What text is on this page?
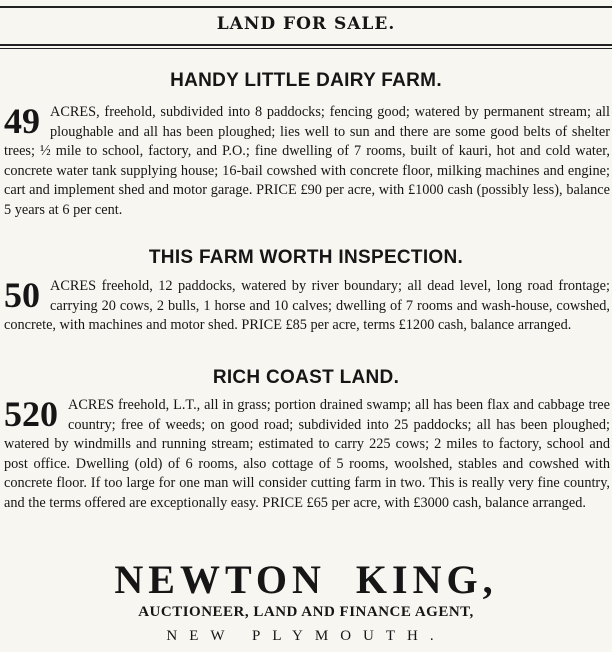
LAND FOR SALE.
HANDY LITTLE DAIRY FARM.
49 ACRES, freehold, subdivided into 8 paddocks; fencing good; watered by permanent stream; all ploughable and all has been ploughed; lies well to sun and there are some good belts of shelter trees; ½ mile to school, factory, and P.O.; fine dwelling of 7 rooms, built of kauri, hot and cold water, concrete water tank supplying house; 16-bail cowshed with concrete floor, milking machines and engine; cart and implement shed and motor garage. PRICE £90 per acre, with £1000 cash (possibly less), balance 5 years at 6 per cent.
THIS FARM WORTH INSPECTION.
50 ACRES freehold, 12 paddocks, watered by river boundary; all dead level, long road frontage; carrying 20 cows, 2 bulls, 1 horse and 10 calves; dwelling of 7 rooms and wash-house, cowshed, concrete, with machines and motor shed. PRICE £85 per acre, terms £1200 cash, balance arranged.
RICH COAST LAND.
520 ACRES freehold, L.T., all in grass; portion drained swamp; all has been flax and cabbage tree country; free of weeds; on good road; subdivided into 25 paddocks; all has been ploughed; watered by windmills and running stream; estimated to carry 225 cows; 2 miles to factory, school and post office. Dwelling (old) of 6 rooms, also cottage of 5 rooms, woolshed, stables and cowshed with concrete floor. If too large for one man will consider cutting farm in two. This is really very fine country, and the terms offered are exceptionally easy. PRICE £65 per acre, with £3000 cash, balance arranged.
NEWTON  KING,
AUCTIONEER, LAND AND FINANCE AGENT,
NEW PLYMOUTH.
